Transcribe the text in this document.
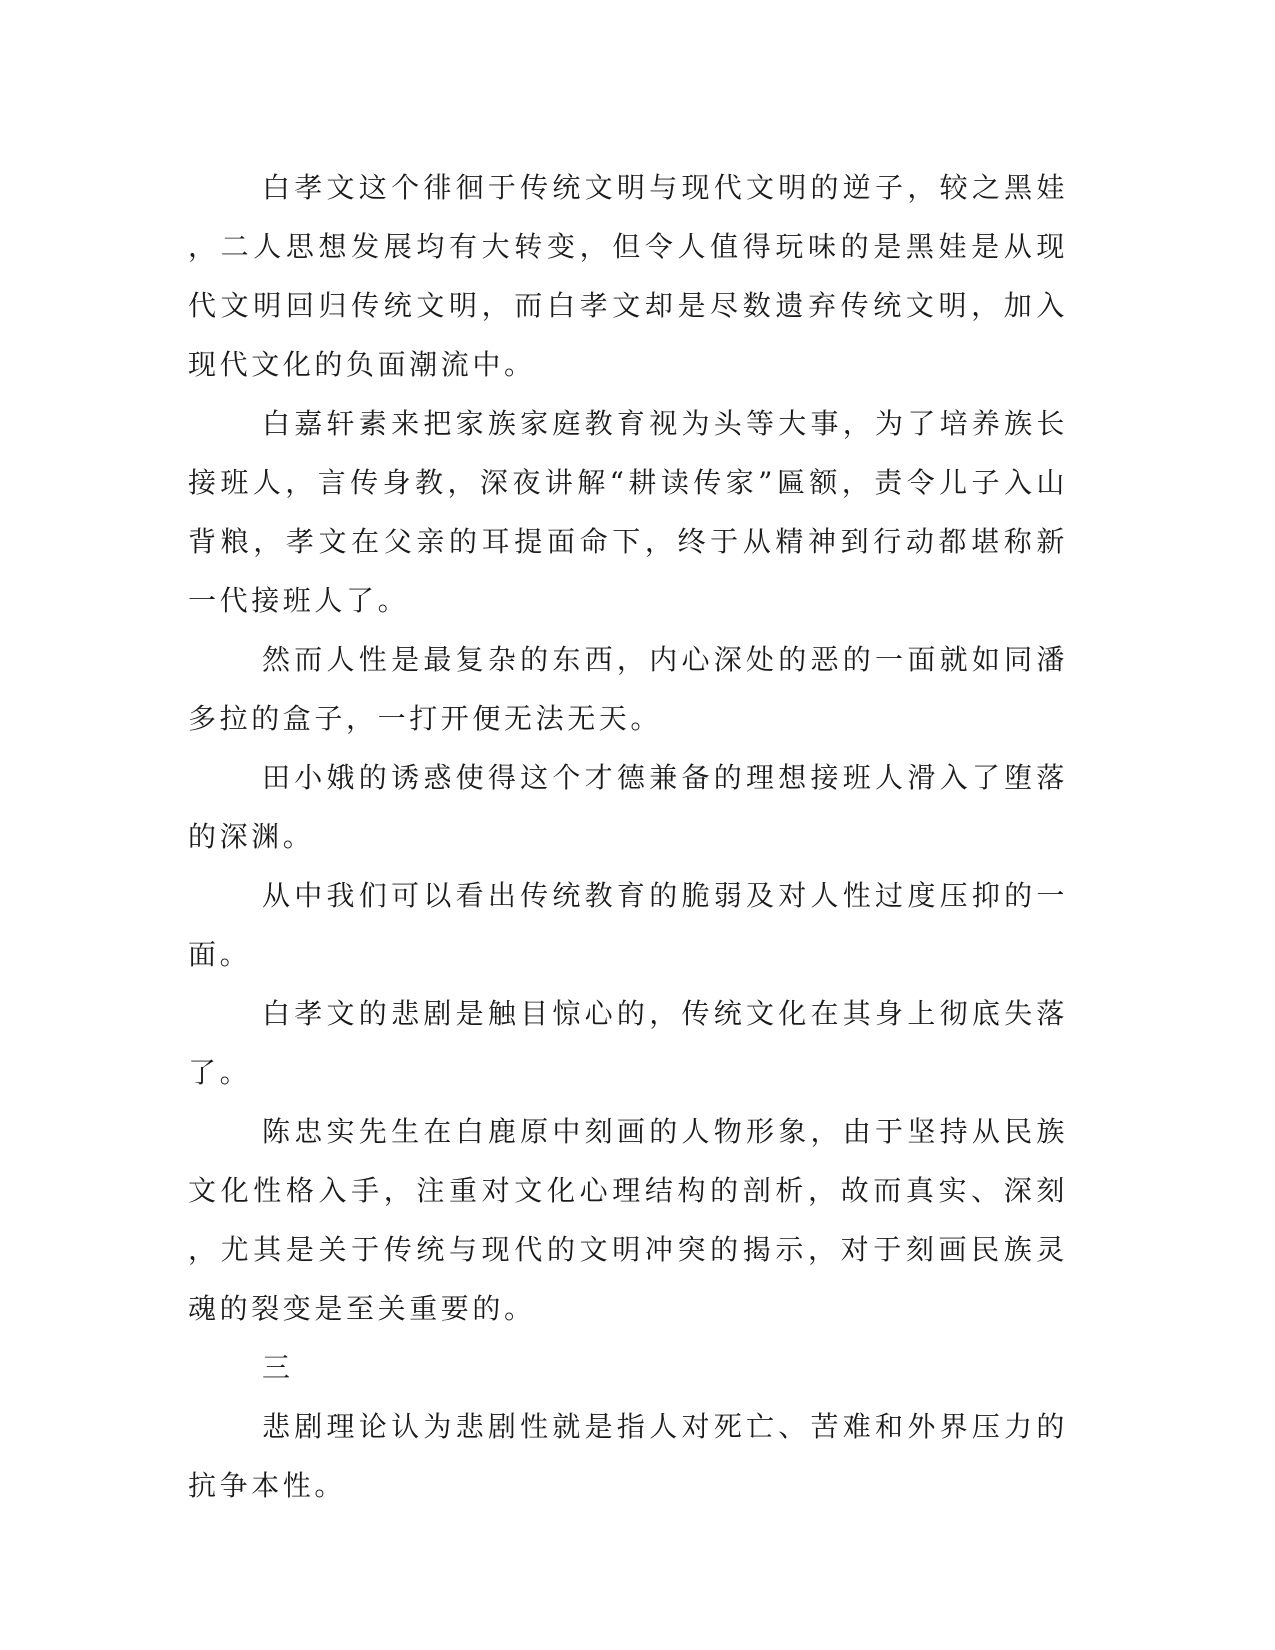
白孝文这个徘徊于传统文明与现代文明的逆子，较之黑娃，二人思想发展均有大转变，但令人值得玩味的是黑娃是从现代文明回归传统文明，而白孝文却是尽数遗弃传统文明，加入现代文化的负面潮流中。

白嘉轩素来把家族家庭教育视为头等大事，为了培养族长接班人，言传身教，深夜讲解“耕读传家”匾额，责令儿子入山背粮，孝文在父亲的耳提面命下，终于从精神到行动都堪称新一代接班人了。

然而人性是最复杂的东西，内心深处的恶的一面就如同潘多拉的盒子，一打开便无法无天。

田小娥的诱惑使得这个才德兼备的理想接班人滑入了堕落的深渊。

从中我们可以看出传统教育的脆弱及对人性过度压抑的一面。

白孝文的悲剧是触目惊心的，传统文化在其身上彻底失落了。

陈忠实先生在白鹿原中刻画的人物形象，由于坚持从民族文化性格入手，注重对文化心理结构的剖析，故而真实、深刻，尤其是关于传统与现代的文明冲突的揭示，对于刻画民族灵魂的裂变是至关重要的。

三

悲剧理论认为悲剧性就是指人对死亡、苦难和外界压力的抗争本性。
